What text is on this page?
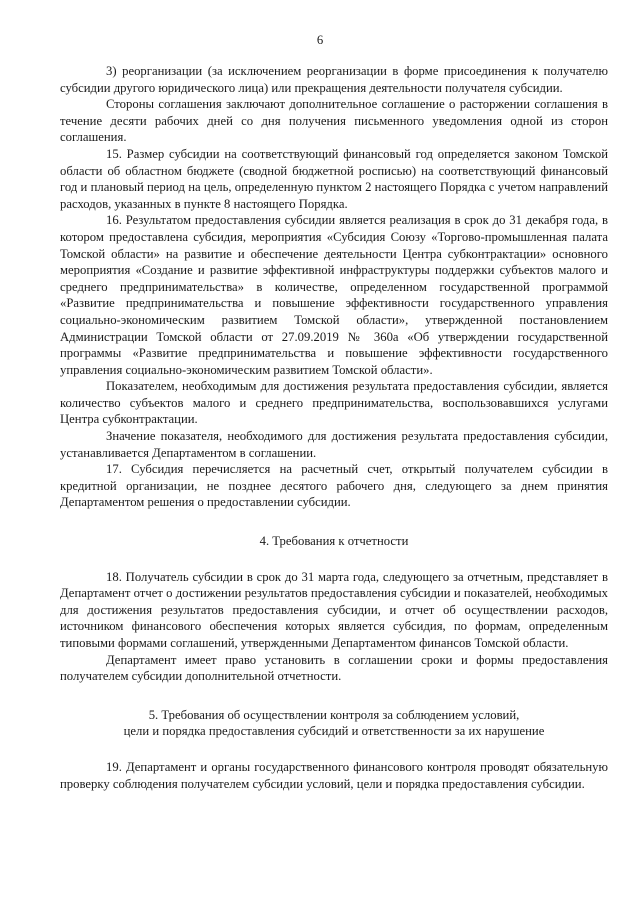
6

3) реорганизации (за исключением реорганизации в форме присоединения к получателю субсидии другого юридического лица) или прекращения деятельности получателя субсидии.

Стороны соглашения заключают дополнительное соглашение о расторжении соглашения в течение десяти рабочих дней со дня получения письменного уведомления одной из сторон соглашения.

15. Размер субсидии на соответствующий финансовый год определяется законом Томской области об областном бюджете (сводной бюджетной росписью) на соответствующий финансовый год и плановый период на цель, определенную пунктом 2 настоящего Порядка с учетом направлений расходов, указанных в пункте 8 настоящего Порядка.

16. Результатом предоставления субсидии является реализация в срок до 31 декабря года, в котором предоставлена субсидия, мероприятия «Субсидия Союзу «Торгово-промышленная палата Томской области» на развитие и обеспечение деятельности Центра субконтрактации» основного мероприятия «Создание и развитие эффективной инфраструктуры поддержки субъектов малого и среднего предпринимательства» в количестве, определенном государственной программой «Развитие предпринимательства и повышение эффективности государственного управления социально-экономическим развитием Томской области», утвержденной постановлением Администрации Томской области от 27.09.2019 № 360а «Об утверждении государственной программы «Развитие предпринимательства и повышение эффективности государственного управления социально-экономическим развитием Томской области».

Показателем, необходимым для достижения результата предоставления субсидии, является количество субъектов малого и среднего предпринимательства, воспользовавшихся услугами Центра субконтрактации.

Значение показателя, необходимого для достижения результата предоставления субсидии, устанавливается Департаментом в соглашении.

17. Субсидия перечисляется на расчетный счет, открытый получателем субсидии в кредитной организации, не позднее десятого рабочего дня, следующего за днем принятия Департаментом решения о предоставлении субсидии.

4. Требования к отчетности

18. Получатель субсидии в срок до 31 марта года, следующего за отчетным, представляет в Департамент отчет о достижении результатов предоставления субсидии и показателей, необходимых для достижения результатов предоставления субсидии, и отчет об осуществлении расходов, источником финансового обеспечения которых является субсидия, по формам, определенным типовыми формами соглашений, утвержденными Департаментом финансов Томской области.

Департамент имеет право установить в соглашении сроки и формы предоставления получателем субсидии дополнительной отчетности.

5. Требования об осуществлении контроля за соблюдением условий,
цели и порядка предоставления субсидий и ответственности за их нарушение

19. Департамент и органы государственного финансового контроля проводят обязательную проверку соблюдения получателем субсидии условий, цели и порядка предоставления субсидии.
